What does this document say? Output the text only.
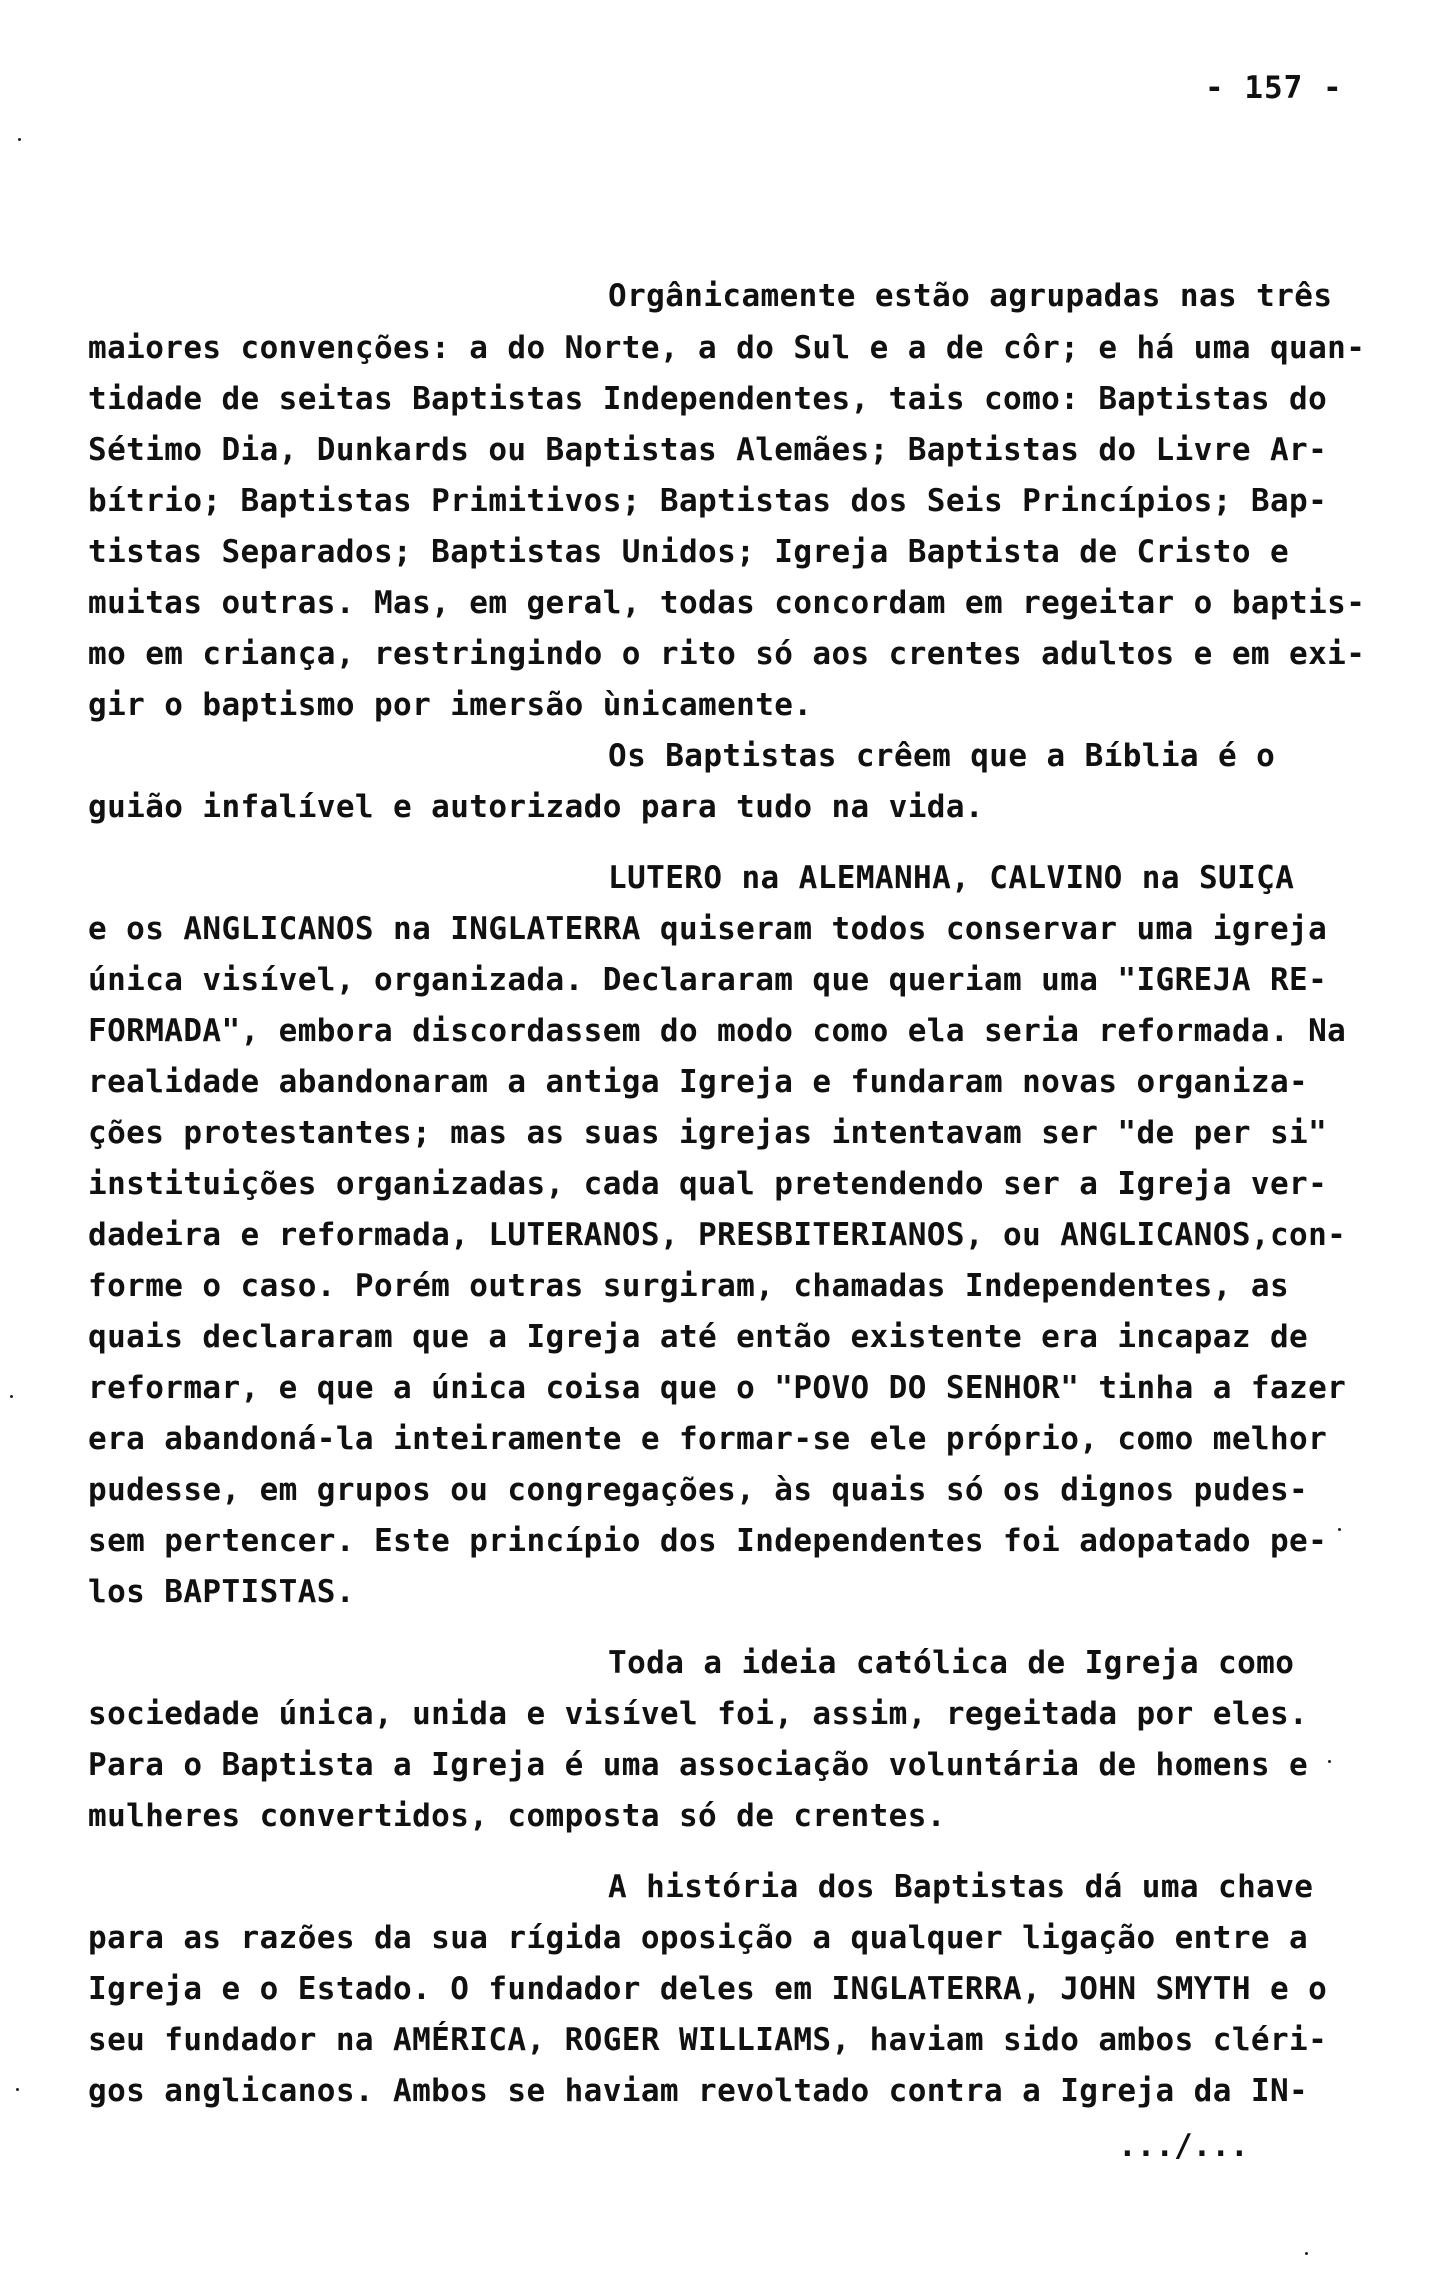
- 157 -
Orgânicamente estão agrupadas nas três
maiores convenções: a do Norte, a do Sul e a de côr; e há uma quan-
tidade de seitas Baptistas Independentes, tais como: Baptistas do
Sétimo Dia, Dunkards ou Baptistas Alemães; Baptistas do Livre Ar-
bítrio; Baptistas Primitivos; Baptistas dos Seis Princípios; Bap-
tistas Separados; Baptistas Unidos; Igreja Baptista de Cristo e
muitas outras. Mas, em geral, todas concordam em regeitar o baptis-
mo em criança, restringindo o rito só aos crentes adultos e em exi-
gir o baptismo por imersão ùnicamente.
Os Baptistas crêem que a Bíblia é o
guião infalível e autorizado para tudo na vida.
LUTERO na ALEMANHA, CALVINO na SUIÇA
e os ANGLICANOS na INGLATERRA quiseram todos conservar uma igreja
única visível, organizada. Declararam que queriam uma "IGREJA RE-
FORMADA", embora discordassem do modo como ela seria reformada. Na
realidade abandonaram a antiga Igreja e fundaram novas organiza-
ções protestantes; mas as suas igrejas intentavam ser "de per si"
instituições organizadas, cada qual pretendendo ser a Igreja ver-
dadeira e reformada, LUTERANOS, PRESBITERIANOS, ou ANGLICANOS,con-
forme o caso. Porém outras surgiram, chamadas Independentes, as
quais declararam que a Igreja até então existente era incapaz de
reformar, e que a única coisa que o "POVO DO SENHOR" tinha a fazer
era abandoná-la inteiramente e formar-se ele próprio, como melhor
pudesse, em grupos ou congregações, às quais só os dignos pudes-
sem pertencer. Este princípio dos Independentes foi adopatado pe-
los BAPTISTAS.
Toda a ideia católica de Igreja como
sociedade única, unida e visível foi, assim, regeitada por eles.
Para o Baptista a Igreja é uma associação voluntária de homens e
mulheres convertidos, composta só de crentes.
A história dos Baptistas dá uma chave
para as razões da sua rígida oposição a qualquer ligação entre a
Igreja e o Estado. O fundador deles em INGLATERRA, JOHN SMYTH e o
seu fundador na AMÉRICA, ROGER WILLIAMS, haviam sido ambos cléri-
gos anglicanos. Ambos se haviam revoltado contra a Igreja da IN-
.../...
